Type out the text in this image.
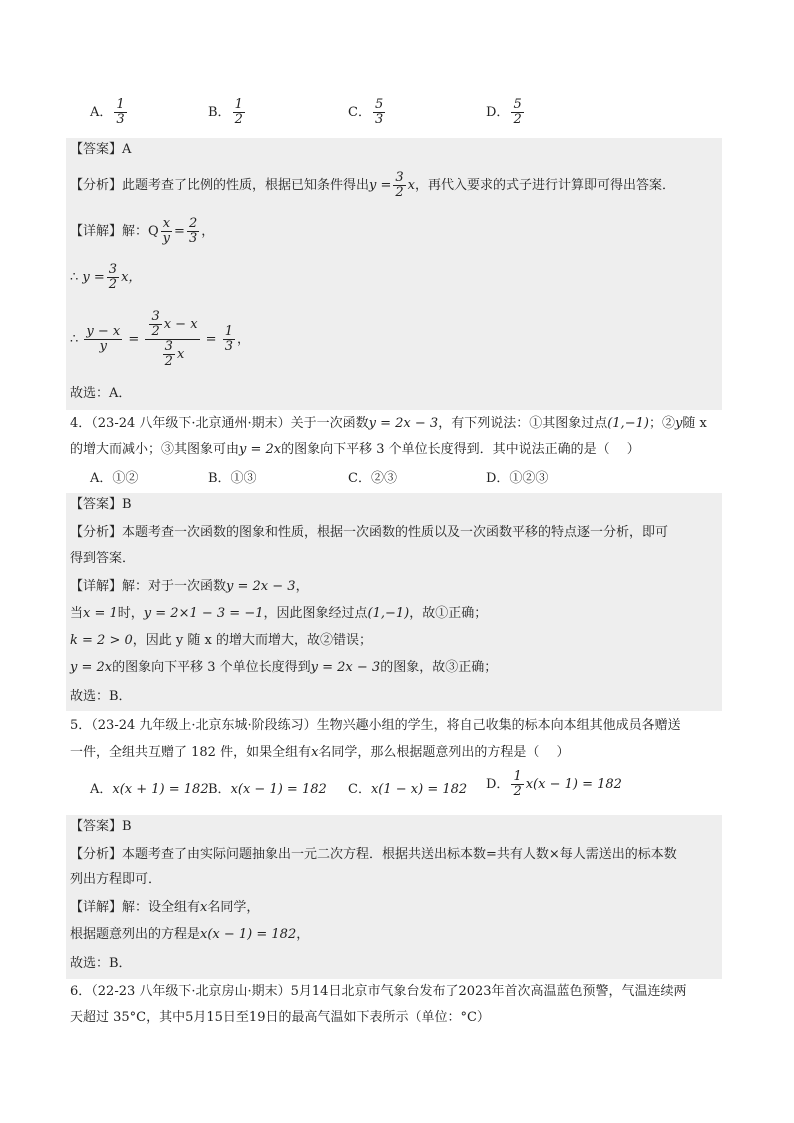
A． $\frac{1}{3}$	B． $\frac{1}{2}$	C． $\frac{5}{3}$	D． $\frac{5}{2}$
【答案】A
【分析】此题考查了比例的性质，根据已知条件得出$y = \frac{3}{2}$ x，再代入要求的式子进行计算即可得出答案．
【详解】解：Q $\frac{x}{y} = \frac{2}{3}$ ，
∴ $y = \frac{3}{2}$ x，
∴ $\frac{y - x}{y} = \frac{\frac{3}{2} x - x}{\frac{3}{2} x} = \frac{1}{3}$ ，
故选：A．
4．（23-24 八年级下·北京通州·期末）关于一次函数y = 2x − 3，有下列说法：①其图象过点(1,−1)；②y随 x
的增大而减小；③其图象可由y = 2x的图象向下平移 3 个单位长度得到．其中说法正确的是（　 ）
A．①②	B．①③	C．②③	D．①②③
【答案】B
【分析】本题考查一次函数的图象和性质，根据一次函数的性质以及一次函数平移的特点逐一分析，即可
得到答案．
【详解】解：对于一次函数y = 2x − 3，
当x = 1时，y = 2×1 − 3 = −1，因此图象经过点(1,−1)，故①正确；
k = 2 > 0，因此 y 随 x 的增大而增大，故②错误；
y = 2x的图象向下平移 3 个单位长度得到y = 2x − 3的图象，故③正确；
故选：B．
5．（23-24 九年级上·北京东城·阶段练习）生物兴趣小组的学生，将自己收集的标本向本组其他成员各赠送
一件，全组共互赠了 182 件，如果全组有x名同学，那么根据题意列出的方程是（　 ）
A．x(x + 1) = 182 B．x(x − 1) = 182 C．x(1 − x) = 182 D． $\frac{1}{2} x(x - 1) = 182$
【答案】B
【分析】本题考查了由实际问题抽象出一元二次方程．根据共送出标本数=共有人数×每人需送出的标本数
列出方程即可．
【详解】解：设全组有x名同学，
根据题意列出的方程是x(x − 1) = 182，
故选：B．
6．（22-23 八年级下·北京房山·期末）5月14日北京市气象台发布了2023年首次高温蓝色预警，气温连续两
天超过 35°C，其中5月15日至19日的最高气温如下表所示（单位：°C）
